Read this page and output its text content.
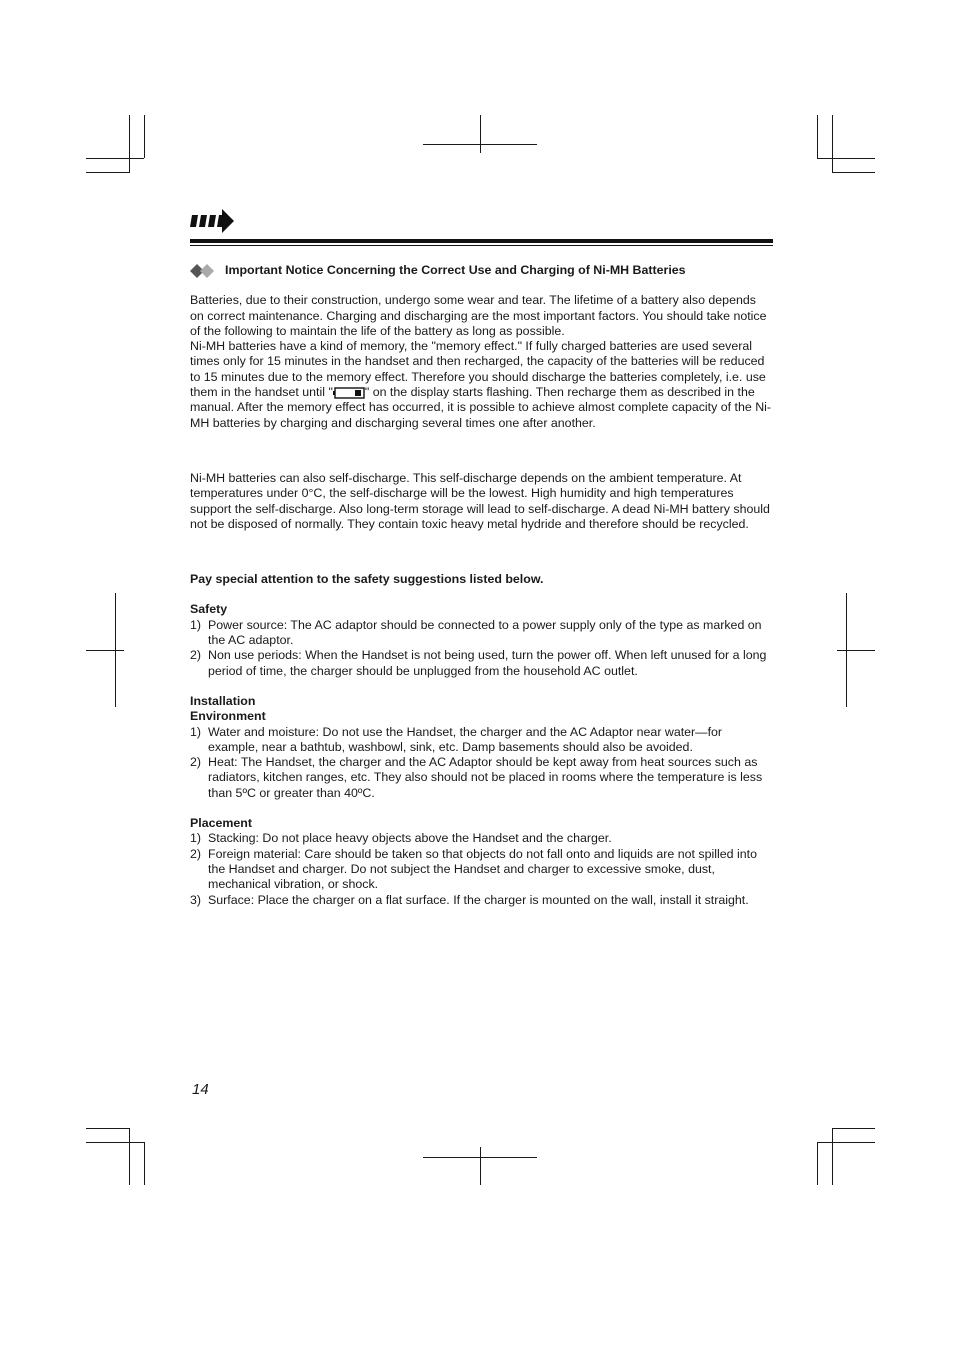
Important Notice Concerning the Correct Use and Charging of Ni-MH Batteries

Batteries, due to their construction, undergo some wear and tear. The lifetime of a battery also depends on correct maintenance. Charging and discharging are the most important factors. You should take notice of the following to maintain the life of the battery as long as possible.

Ni-MH batteries have a kind of memory, the "memory effect." If fully charged batteries are used several times only for 15 minutes in the handset and then recharged, the capacity of the batteries will be reduced to 15 minutes due to the memory effect. Therefore you should discharge the batteries completely, i.e. use them in the handset until "	" on the display starts flashing. Then recharge them as described in the manual. After the memory effect has occurred, it is possible to achieve almost complete capacity of the Ni-MH batteries by charging and discharging several times one after another.

Ni-MH batteries can also self-discharge. This self-discharge depends on the ambient temperature. At temperatures under 0°C, the self-discharge will be the lowest. High humidity and high temperatures support the self-discharge. Also long-term storage will lead to self-discharge. A dead Ni-MH battery should not be disposed of normally. They contain toxic heavy metal hydride and therefore should be recycled.

Pay special attention to the safety suggestions listed below.

Safety

1) Power source: The AC adaptor should be connected to a power supply only of the type as marked on the AC adaptor.
2) Non use periods: When the Handset is not being used, turn the power off. When left unused for a long period of time, the charger should be unplugged from the household AC outlet.

Installation

Environment

1) Water and moisture: Do not use the Handset, the charger and the AC Adaptor near water—for example, near a bathtub, washbowl, sink, etc. Damp basements should also be avoided.
2) Heat: The Handset, the charger and the AC Adaptor should be kept away from heat sources such as radiators, kitchen ranges, etc. They also should not be placed in rooms where the temperature is less than 5ºC or greater than 40ºC.

Placement

1) Stacking: Do not place heavy objects above the Handset and the charger.
2) Foreign material: Care should be taken so that objects do not fall onto and liquids are not spilled into the Handset and charger. Do not subject the Handset and charger to excessive smoke, dust, mechanical vibration, or shock.
3) Surface: Place the charger on a flat surface. If the charger is mounted on the wall, install it straight.
14
